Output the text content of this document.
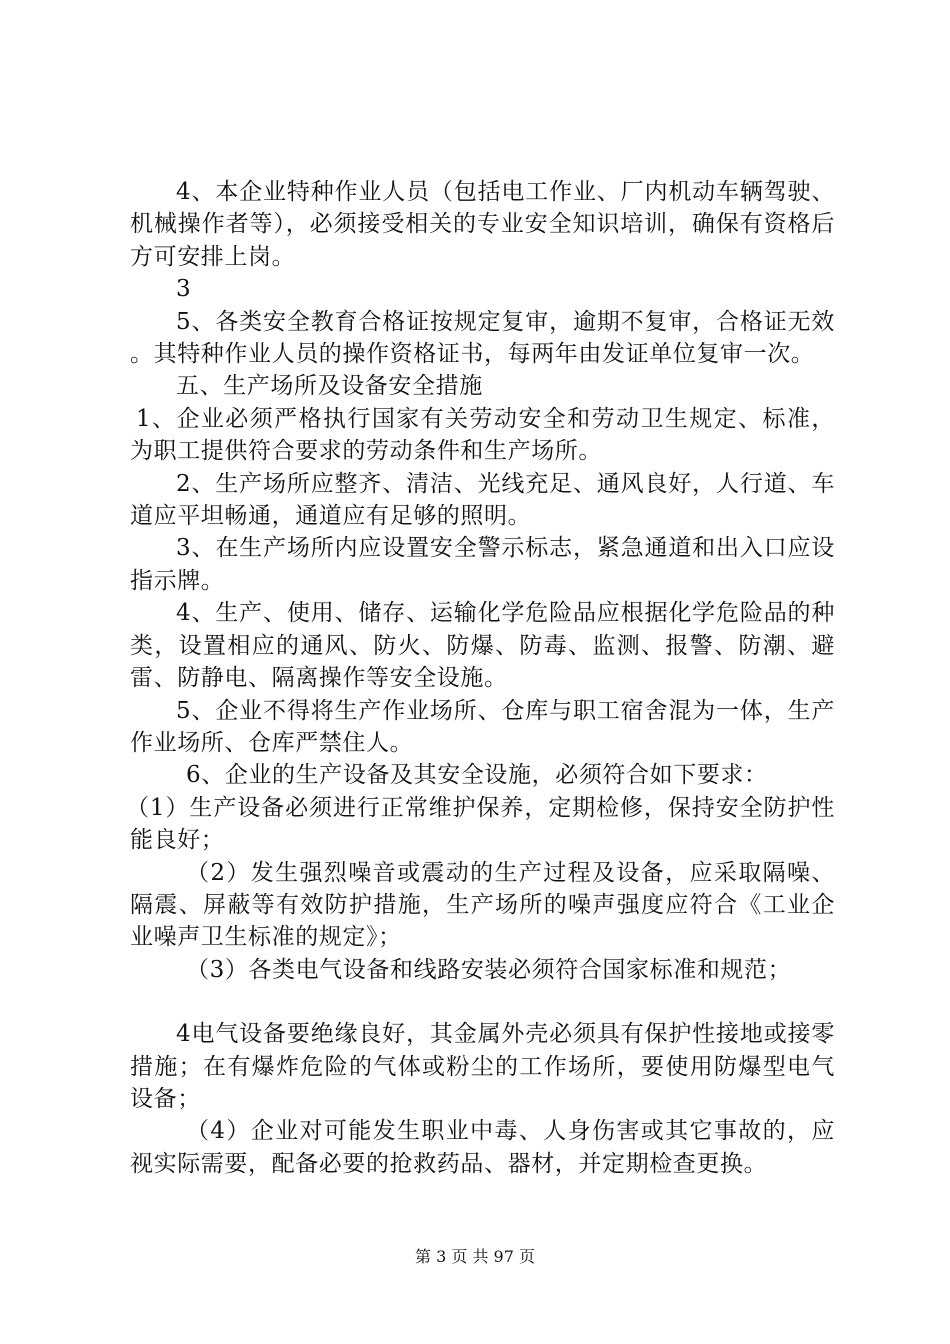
4、本企业特种作业人员（包括电工作业、厂内机动车辆驾驶、机械操作者等），必须接受相关的专业安全知识培训，确保有资格后方可安排上岗。

3

5、各类安全教育合格证按规定复审，逾期不复审，合格证无效。其特种作业人员的操作资格证书，每两年由发证单位复审一次。

五、生产场所及设备安全措施

1、企业必须严格执行国家有关劳动安全和劳动卫生规定、标准，为职工提供符合要求的劳动条件和生产场所。

2、生产场所应整齐、清洁、光线充足、通风良好，人行道、车道应平坦畅通，通道应有足够的照明。

3、在生产场所内应设置安全警示标志，紧急通道和出入口应设指示牌。

4、生产、使用、储存、运输化学危险品应根据化学危险品的种类，设置相应的通风、防火、防爆、防毒、监测、报警、防潮、避雷、防静电、隔离操作等安全设施。

5、企业不得将生产作业场所、仓库与职工宿舍混为一体，生产作业场所、仓库严禁住人。

6、企业的生产设备及其安全设施，必须符合如下要求：

（1）生产设备必须进行正常维护保养，定期检修，保持安全防护性能良好；

（2）发生强烈噪音或震动的生产过程及设备，应采取隔噪、隔震、屏蔽等有效防护措施，生产场所的噪声强度应符合《工业企业噪声卫生标准的规定》；

（3）各类电气设备和线路安装必须符合国家标准和规范；

4电气设备要绝缘良好，其金属外壳必须具有保护性接地或接零措施；在有爆炸危险的气体或粉尘的工作场所，要使用防爆型电气设备；

（4）企业对可能发生职业中毒、人身伤害或其它事故的，应视实际需要，配备必要的抢救药品、器材，并定期检查更换。

第 3 页 共 97 页
